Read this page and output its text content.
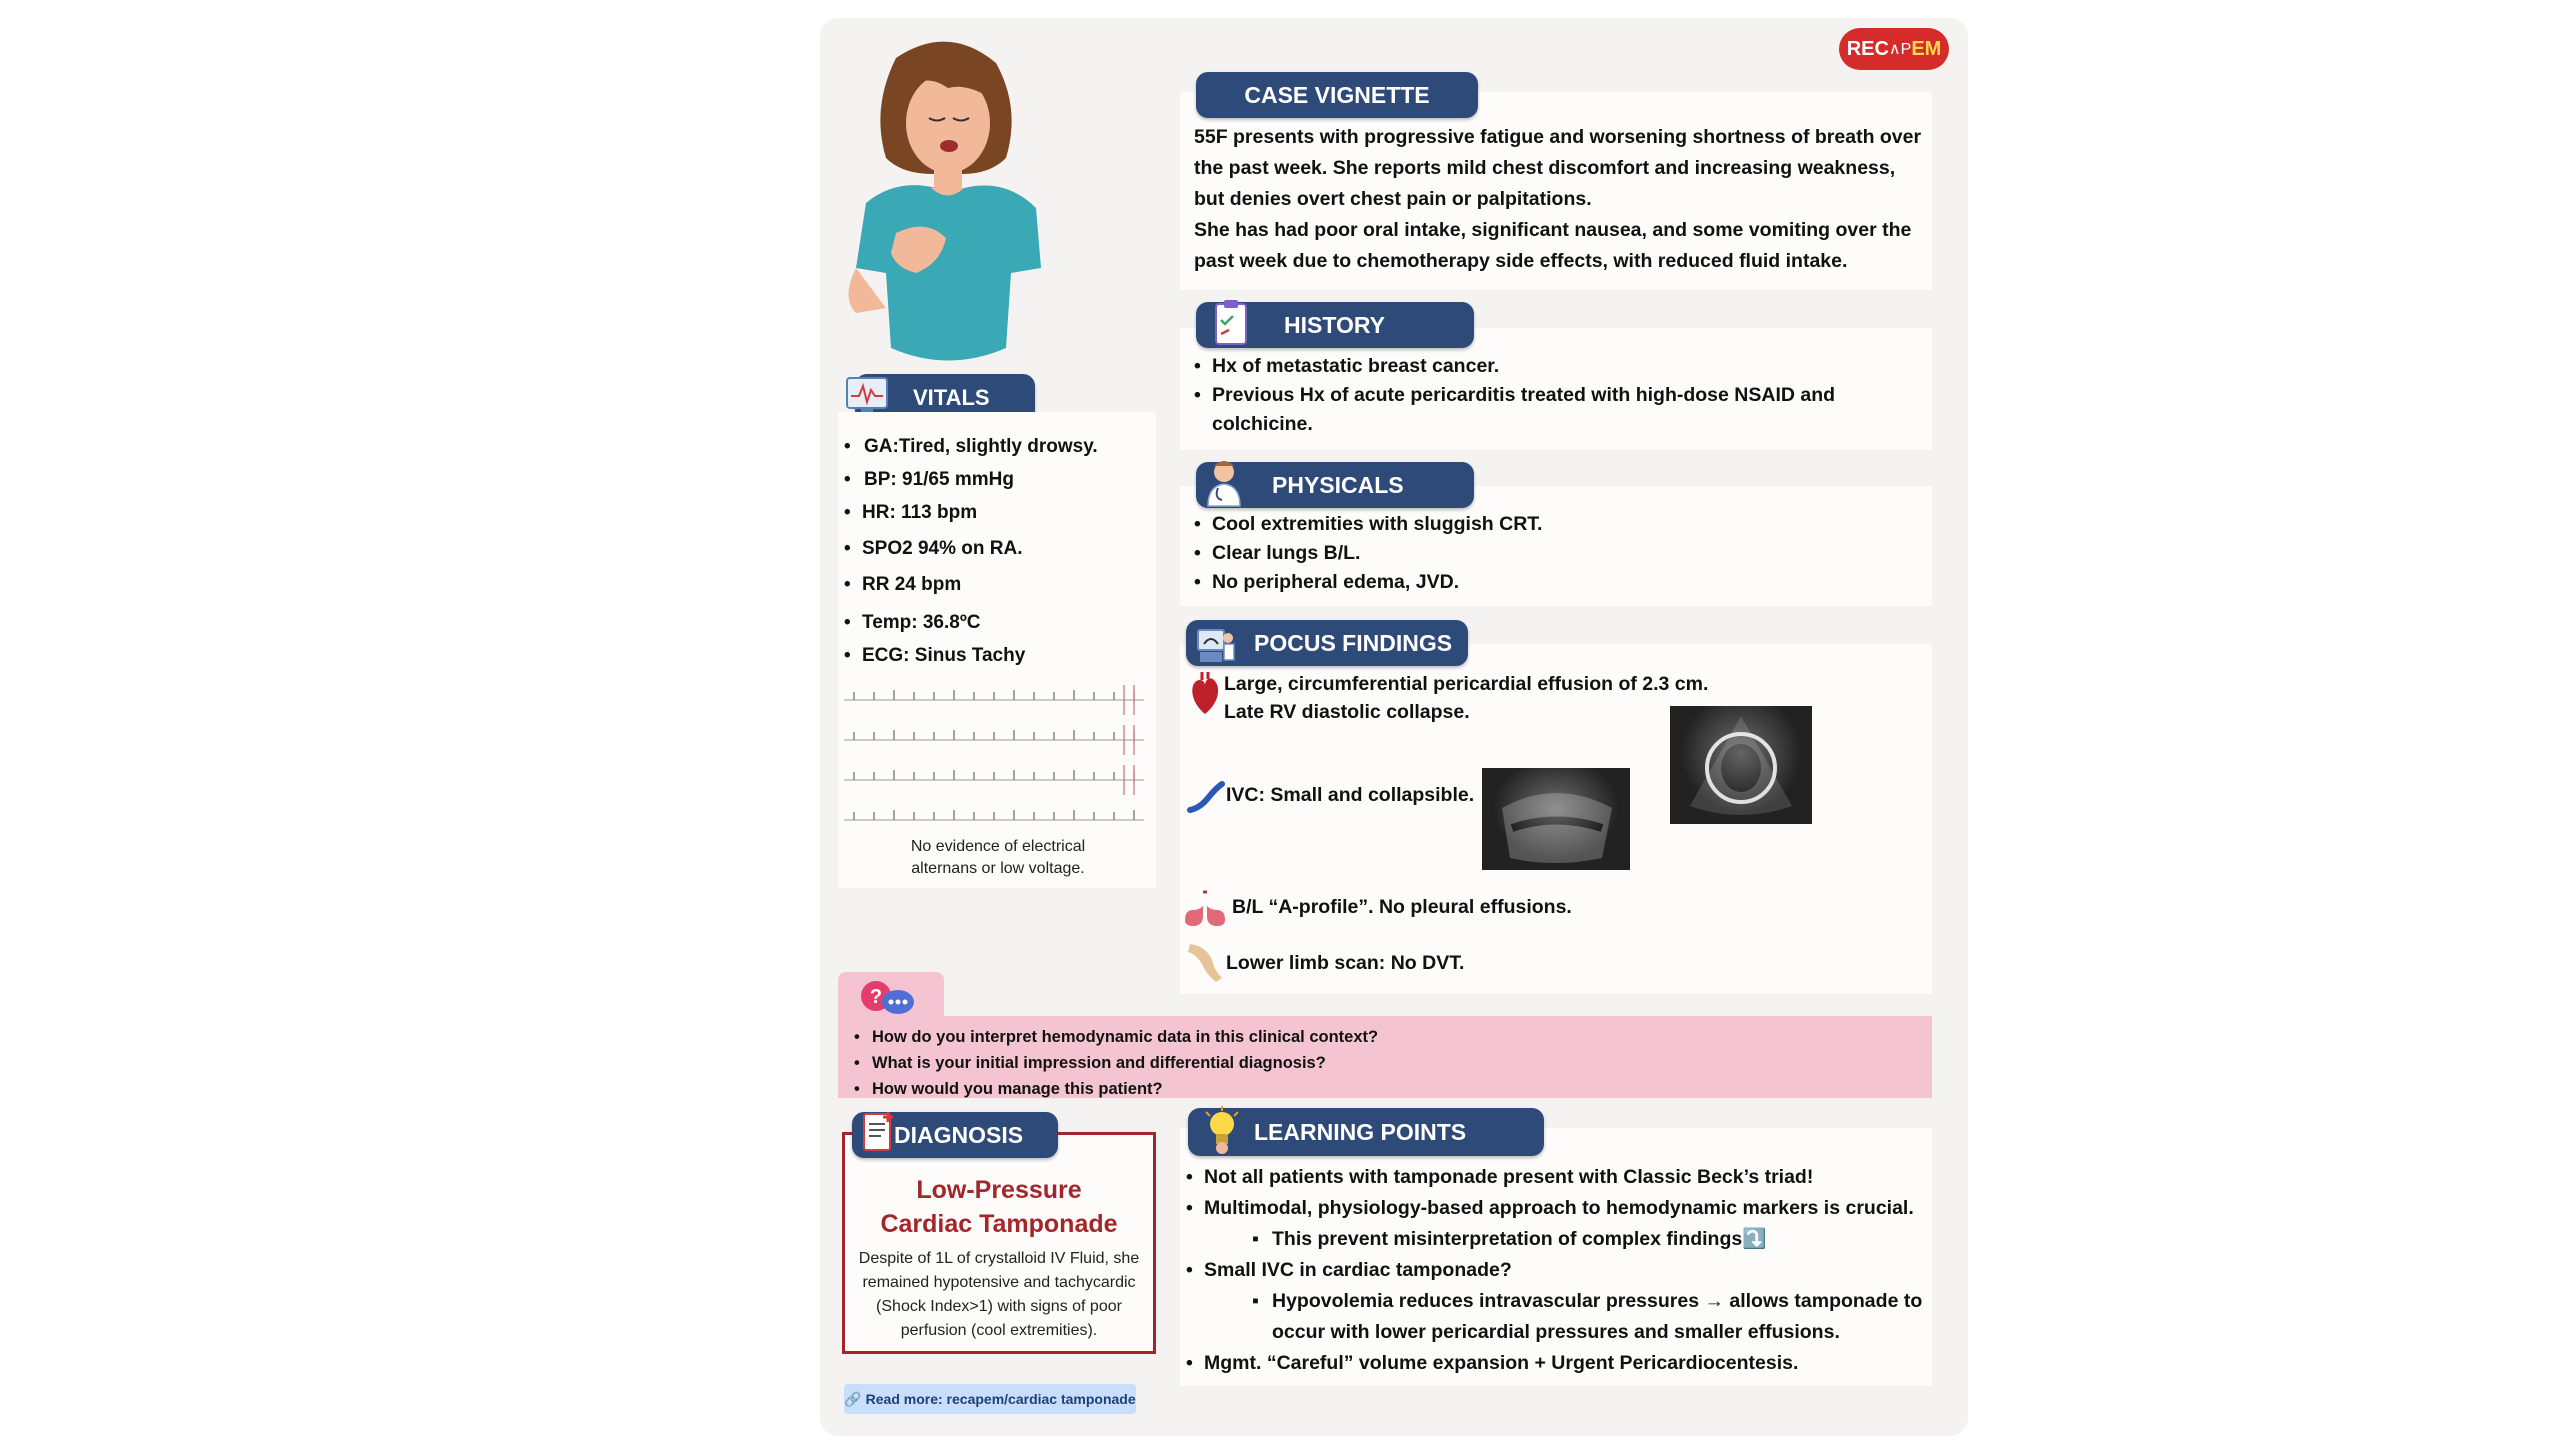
REC ∧P EM
VITALS
• GA:Tired, slightly drowsy.
• BP: 91/65 mmHg
• HR: 113 bpm
• SPO2 94% on RA.
• RR 24 bpm
• Temp: 36.8ºC
• ECG: Sinus Tachy
No evidence of electrical alternans or low voltage.
55F presents with progressive fatigue and worsening shortness of breath over the past week. She reports mild chest discomfort and increasing weakness, but denies overt chest pain or palpitations.
She has had poor oral intake, significant nausea, and some vomiting over the past week due to chemotherapy side effects, with reduced fluid intake.
CASE VIGNETTE
• Hx of metastatic breast cancer.
• Previous Hx of acute pericarditis treated with high-dose NSAID and colchicine.
HISTORY
• Cool extremities with sluggish CRT.
• Clear lungs B/L.
• No peripheral edema, JVD.
PHYSICALS
Large, circumferential pericardial effusion of 2.3 cm.
Late RV diastolic collapse.
IVC: Small and collapsible.
B/L “A-profile”. No pleural effusions.
Lower limb scan: No DVT.
POCUS FINDINGS
• How do you interpret hemodynamic data in this clinical context?
• What is your initial impression and differential diagnosis?
• How would you manage this patient?
?
Low-Pressure
Cardiac Tamponade
Despite of 1L of crystalloid IV Fluid, she remained hypotensive and tachycardic (Shock Index>1) with signs of poor perfusion (cool extremities).
DIAGNOSIS
🔗 Read more: recapem/cardiac tamponade
• Not all patients with tamponade present with Classic Beck’s triad!
• Multimodal, physiology-based approach to hemodynamic markers is crucial.
▪ This prevent misinterpretation of complex findings⤵️
• Small IVC in cardiac tamponade?
▪ Hypovolemia reduces intravascular pressures → allows tamponade to occur with lower pericardial pressures and smaller effusions.
• Mgmt. “Careful” volume expansion + Urgent Pericardiocentesis.
LEARNING POINTS
